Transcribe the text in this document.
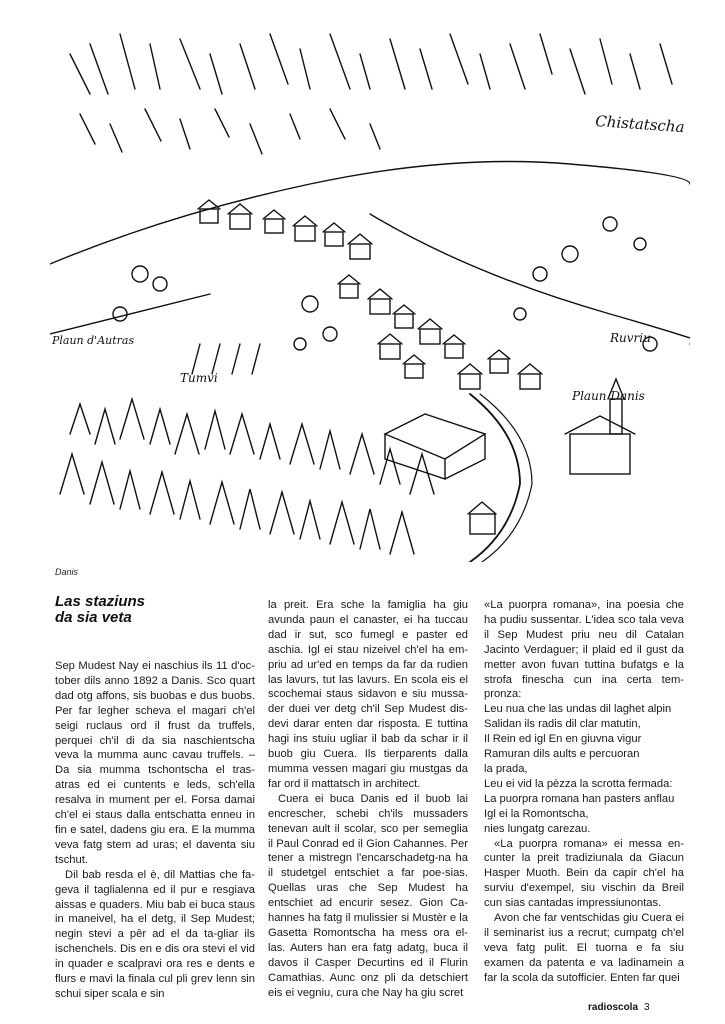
Chistatscha
Plaun d'Autras	Ruvriu
Tumvi
Plaun Danis
Danis
Las staziuns
da sia veta

Sep Mudest Nay ei naschius ils 11 d'oc-tober dils anno 1892 a Danis. Sco quart dad otg affons, sis buobas e dus buobs. Per far legher scheva el magari ch'el seigi ruclaus ord il frust da truffels, perquei ch'il di da sia naschientscha veva la mumma aunc cavau truffels. – Da sia mumma tschontscha el tras-atras ed ei cuntents e leds, sch'ella resalva in mument per el. Forsa damai ch'el ei staus dalla entschatta enneu in fin e satel, dadens giu era. E la mumma veva fatg stem ad uras; el daventa siu tschut.

Dil bab resda el è, dil Mattias che fa-geva il taglialenna ed il pur e resgiava aissas e quaders. Miu bab ei buca staus in maneivel, ha el detg, il Sep Mudest; negin stevi a pêr ad el da ta-gliar ils ischenchels. Dis en e dis ora stevi el vid in quader e scalpravi ora res e dents e flurs e mavi la finala cul pli grev lenn sin schui siper scala e sin

la preit. Era sche la famiglia ha giu avunda paun el canaster, ei ha tuccau dad ir sut, sco fumegl e paster ed aschia. Igl ei stau nizeivel ch'el ha em-priu ad ur'ed en temps da far da rudien las lavurs, tut las lavurs. En scola eis el scochemai staus sidavon e siu mussa-der duei ver detg ch'il Sep Mudest dis-devi darar enten dar risposta. E tuttina hagi ins stuiu ugliar il bab da schar ir il buob giu Cuera. Ils tierparents dalla mumma vessen magari giu mustgas da far ord il mattatsch in architect.

Cuera ei buca Danis ed il buob lai encrescher, schebi ch'ils mussaders tenevan ault il scolar, sco per semeglia il Paul Conrad ed il Gion Cahannes. Per tener a mistregn l'encarschadetg-na ha il studetgel entschiet a far poe-sias. Quellas uras che Sep Mudest ha entschiet ad encurir sesez. Gion Ca-hannes ha fatg il mulissier si Mustèr e la Gasetta Romontscha ha mess ora el-las. Auters han era fatg adatg, buca il davos il Casper Decurtins ed il Flurin Camathias. Aunc onz pli da detschiert eis ei vegniu, cura che Nay ha giu scret

«La puorpra romana», ina poesia che ha pudiu sussentar. L'idea sco tala veva il Sep Mudest priu neu dil Catalan Jacinto Verdaguer; il plaid ed il gust da metter avon fuvan tuttina bufatgs e la strofa finescha cun ina certa tem-pronza:

Leu nua che las undas dil laghet alpin
Salidan ils radis dil clar matutin,
Il Rein ed igl En en giuvna vigur
Ramuran dils aults e percuoran
la prada,
Leu ei vid la pèzza la scrotta fermada:
La puorpra romana han pasters anflau
Igl ei la Romontscha,
nies lungatg carezau.

«La puorpra romana» ei messa en-cunter la preit tradiziunala da Giacun Hasper Muoth. Bein da capir ch'el ha surviu d'exempel, siu vischin da Breil cun sias cantadas impressiunontas.

Avon che far ventschidas giu Cuera ei il seminarist ius a recrut; cumpatg ch'el veva fatg pulit. El tuorna e fa siu examen da patenta e va ladinamein a far la scola da sutofficier. Enten far quei

radioscola 3
